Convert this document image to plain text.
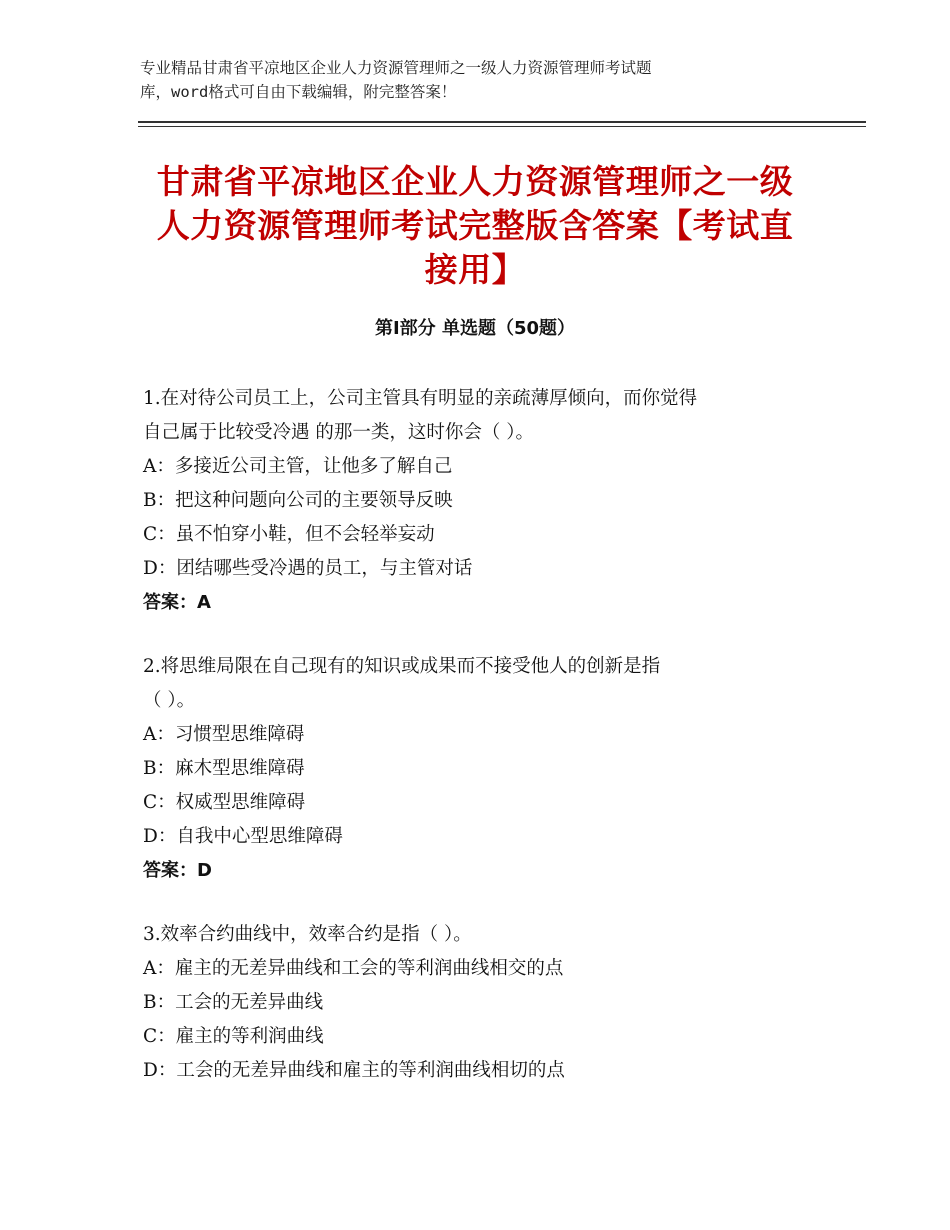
专业精品甘肃省平凉地区企业人力资源管理师之一级人力资源管理师考试题
库，word格式可自由下载编辑，附完整答案！
甘肃省平凉地区企业人力资源管理师之一级
人力资源管理师考试完整版含答案【考试直
接用】
第Ⅰ部分 单选题（50题）

1.在对待公司员工上，公司主管具有明显的亲疏薄厚倾向，而你觉得

自己属于比较受冷遇 的那一类，这时你会（ ）。

A：多接近公司主管，让他多了解自己

B：把这种问题向公司的主要领导反映

C：虽不怕穿小鞋，但不会轻举妄动

D：团结哪些受冷遇的员工，与主管对话

答案：A

2.将思维局限在自己现有的知识或成果而不接受他人的创新是指

（ ）。

A：习惯型思维障碍

B：麻木型思维障碍

C：权威型思维障碍

D：自我中心型思维障碍

答案：D

3.效率合约曲线中，效率合约是指（ ）。

A：雇主的无差异曲线和工会的等利润曲线相交的点

B：工会的无差异曲线

C：雇主的等利润曲线

D：工会的无差异曲线和雇主的等利润曲线相切的点
